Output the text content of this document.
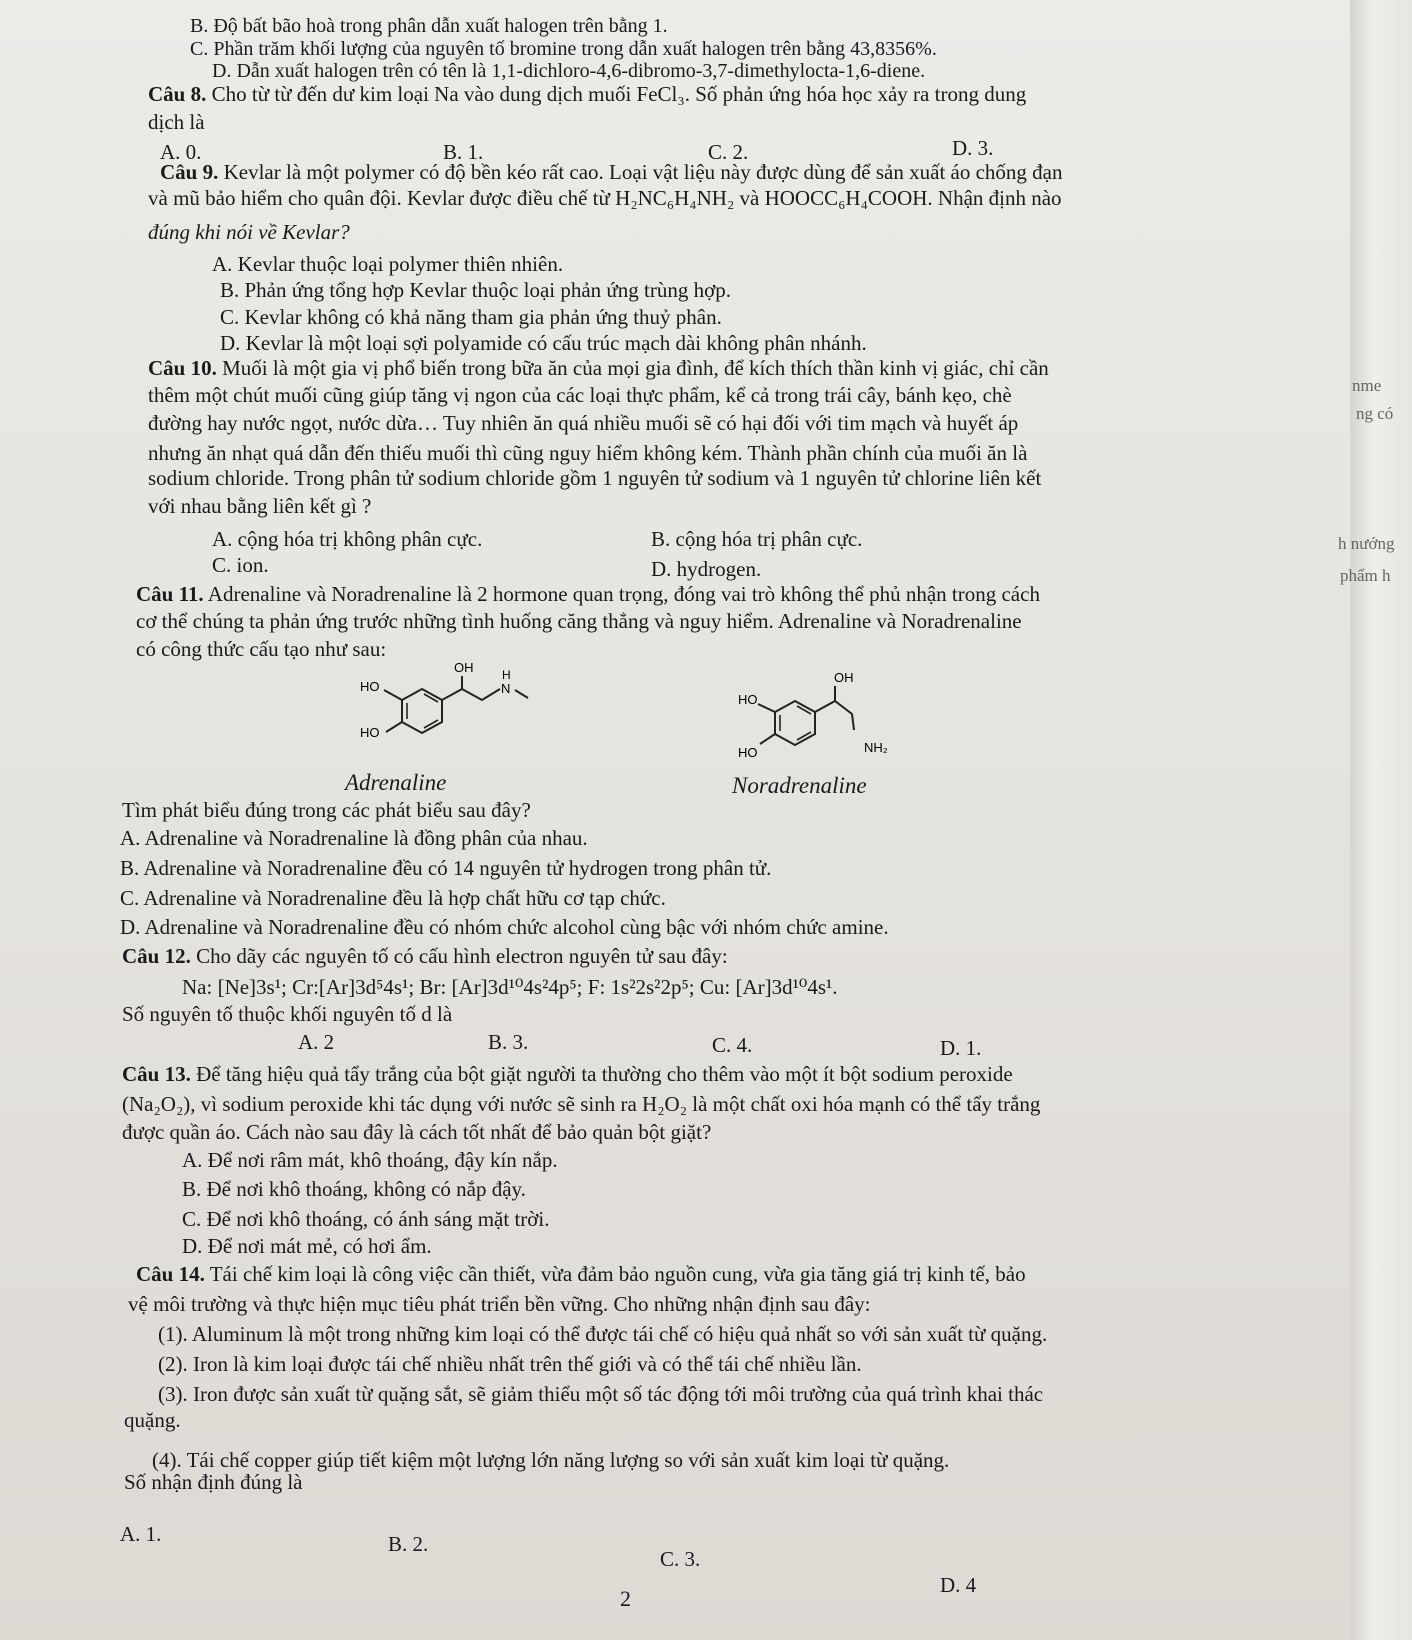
B. Độ bất bão hoà trong phân dẫn xuất halogen trên bằng 1.
C. Phần trăm khối lượng của nguyên tố bromine trong dẫn xuất halogen trên bằng 43,8356%.
D. Dẫn xuất halogen trên có tên là 1,1-dichloro-4,6-dibromo-3,7-dimethylocta-1,6-diene.
Câu 8. Cho từ từ đến dư kim loại Na vào dung dịch muối FeCl₃. Số phản ứng hóa học xảy ra trong dung
dịch là
A. 0.	B. 1.	C. 2.	D. 3.
Câu 9. Kevlar là một polymer có độ bền kéo rất cao. Loại vật liệu này được dùng để sản xuất áo chống đạn
và mũ bảo hiểm cho quân đội. Kevlar được điều chế từ H₂NC₆H₄NH₂ và HOOCC₆H₄COOH. Nhận định nào
đúng khi nói về Kevlar?
A. Kevlar thuộc loại polymer thiên nhiên.
B. Phản ứng tổng hợp Kevlar thuộc loại phản ứng trùng hợp.
C. Kevlar không có khả năng tham gia phản ứng thuỷ phân.
D. Kevlar là một loại sợi polyamide có cấu trúc mạch dài không phân nhánh.
Câu 10. Muối là một gia vị phổ biến trong bữa ăn của mọi gia đình, để kích thích thần kinh vị giác, chỉ cần
thêm một chút muối cũng giúp tăng vị ngon của các loại thực phẩm, kể cả trong trái cây, bánh kẹo, chè
đường hay nước ngọt, nước dừa… Tuy nhiên ăn quá nhiều muối sẽ có hại đối với tim mạch và huyết áp
nhưng ăn nhạt quá dẫn đến thiếu muối thì cũng nguy hiểm không kém. Thành phần chính của muối ăn là
sodium chloride. Trong phân tử sodium chloride gồm 1 nguyên tử sodium và 1 nguyên tử chlorine liên kết
với nhau bằng liên kết gì ?
A. cộng hóa trị không phân cực.	B. cộng hóa trị phân cực.
C. ion.	D. hydrogen.
Câu 11. Adrenaline và Noradrenaline là 2 hormone quan trọng, đóng vai trò không thể phủ nhận trong cách
cơ thể chúng ta phản ứng trước những tình huống căng thẳng và nguy hiểm. Adrenaline và Noradrenaline
có công thức cấu tạo như sau:
OH
HO
HO
H
N
Adrenaline
OH
HO
HO	NH₂
Noradrenaline
Tìm phát biểu đúng trong các phát biểu sau đây?
A. Adrenaline và Noradrenaline là đồng phân của nhau.
B. Adrenaline và Noradrenaline đều có 14 nguyên tử hydrogen trong phân tử.
C. Adrenaline và Noradrenaline đều là hợp chất hữu cơ tạp chức.
D. Adrenaline và Noradrenaline đều có nhóm chức alcohol cùng bậc với nhóm chức amine.
Câu 12. Cho dãy các nguyên tố có cấu hình electron nguyên tử sau đây:
Na: [Ne]3s¹; Cr:[Ar]3d⁵4s¹; Br: [Ar]3d¹⁰4s²4p⁵; F: 1s²2s²2p⁵; Cu: [Ar]3d¹⁰4s¹.
Số nguyên tố thuộc khối nguyên tố d là
A. 2	B. 3.	C. 4.	D. 1.
Câu 13. Để tăng hiệu quả tẩy trắng của bột giặt người ta thường cho thêm vào một ít bột sodium peroxide
(Na₂O₂), vì sodium peroxide khi tác dụng với nước sẽ sinh ra H₂O₂ là một chất oxi hóa mạnh có thể tẩy trắng
được quần áo. Cách nào sau đây là cách tốt nhất để bảo quản bột giặt?
A. Để nơi râm mát, khô thoáng, đậy kín nắp.
B. Để nơi khô thoáng, không có nắp đậy.
C. Để nơi khô thoáng, có ánh sáng mặt trời.
D. Để nơi mát mẻ, có hơi ẩm.
Câu 14. Tái chế kim loại là công việc cần thiết, vừa đảm bảo nguồn cung, vừa gia tăng giá trị kinh tế, bảo
vệ môi trường và thực hiện mục tiêu phát triển bền vững. Cho những nhận định sau đây:
(1). Aluminum là một trong những kim loại có thể được tái chế có hiệu quả nhất so với sản xuất từ quặng.
(2). Iron là kim loại được tái chế nhiều nhất trên thế giới và có thể tái chế nhiều lần.
(3). Iron được sản xuất từ quặng sắt, sẽ giảm thiểu một số tác động tới môi trường của quá trình khai thác
quặng.
(4). Tái chế copper giúp tiết kiệm một lượng lớn năng lượng so với sản xuất kim loại từ quặng.
Số nhận định đúng là
A. 1.	B. 2.
C. 3.
D. 4
2
nme
ng có
h nướng
phẩm h
